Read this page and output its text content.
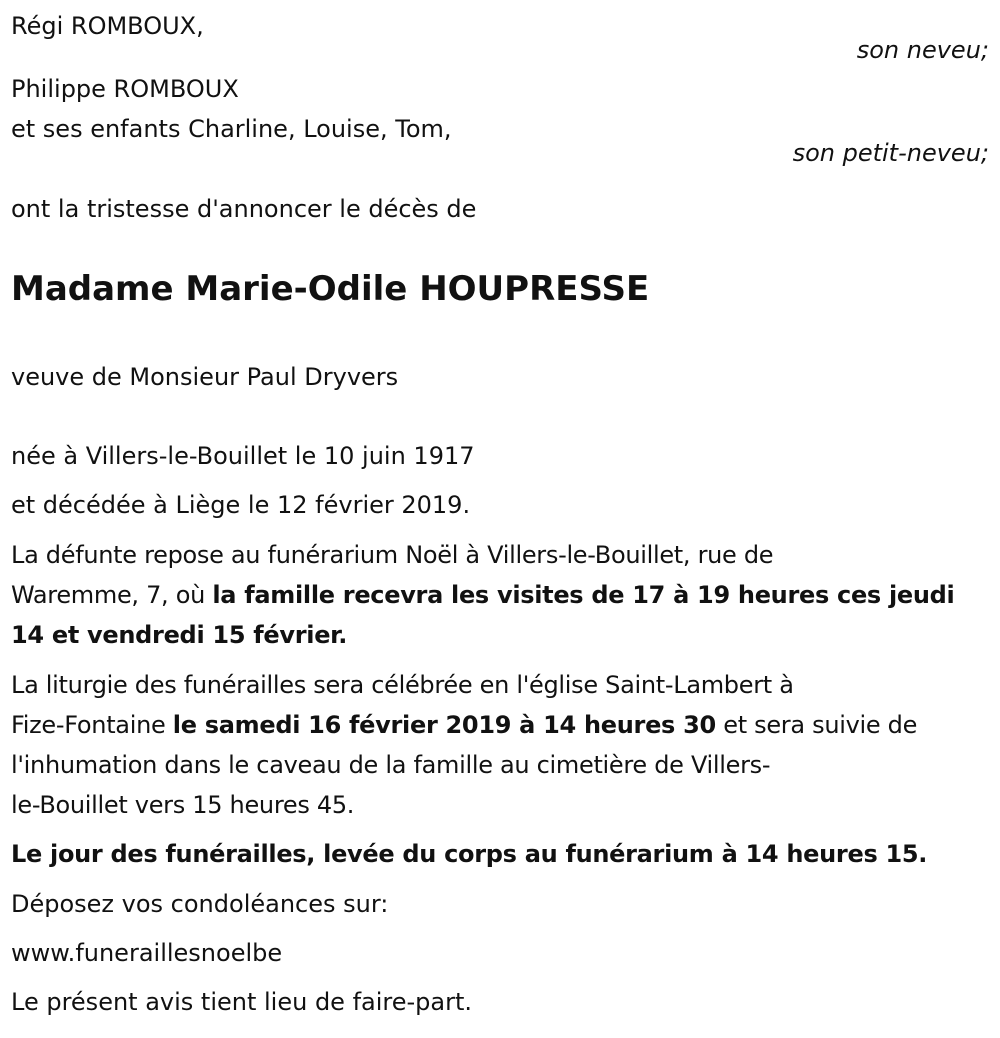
Régi ROMBOUX,
son neveu;
Philippe ROMBOUX
et ses enfants Charline, Louise, Tom,
son petit-neveu;
ont la tristesse d'annoncer le décès de
Madame Marie-Odile HOUPRESSE
veuve de Monsieur Paul Dryvers
née à Villers-le-Bouillet le 10 juin 1917
et décédée à Liège le 12 février 2019.
La défunte repose au funérarium Noël à Villers-le-Bouillet, rue de
Waremme, 7, où la famille recevra les visites de 17 à 19 heures ces jeudi
14 et vendredi 15 février.
La liturgie des funérailles sera célébrée en l'église Saint-Lambert à
Fize-Fontaine le samedi 16 février 2019 à 14 heures 30 et sera suivie de
l'inhumation dans le caveau de la famille au cimetière de Villers-
le-Bouillet vers 15 heures 45.
Le jour des funérailles, levée du corps au funérarium à 14 heures 15.
Déposez vos condoléances sur:
www.funeraillesnoelbe
Le présent avis tient lieu de faire-part.
